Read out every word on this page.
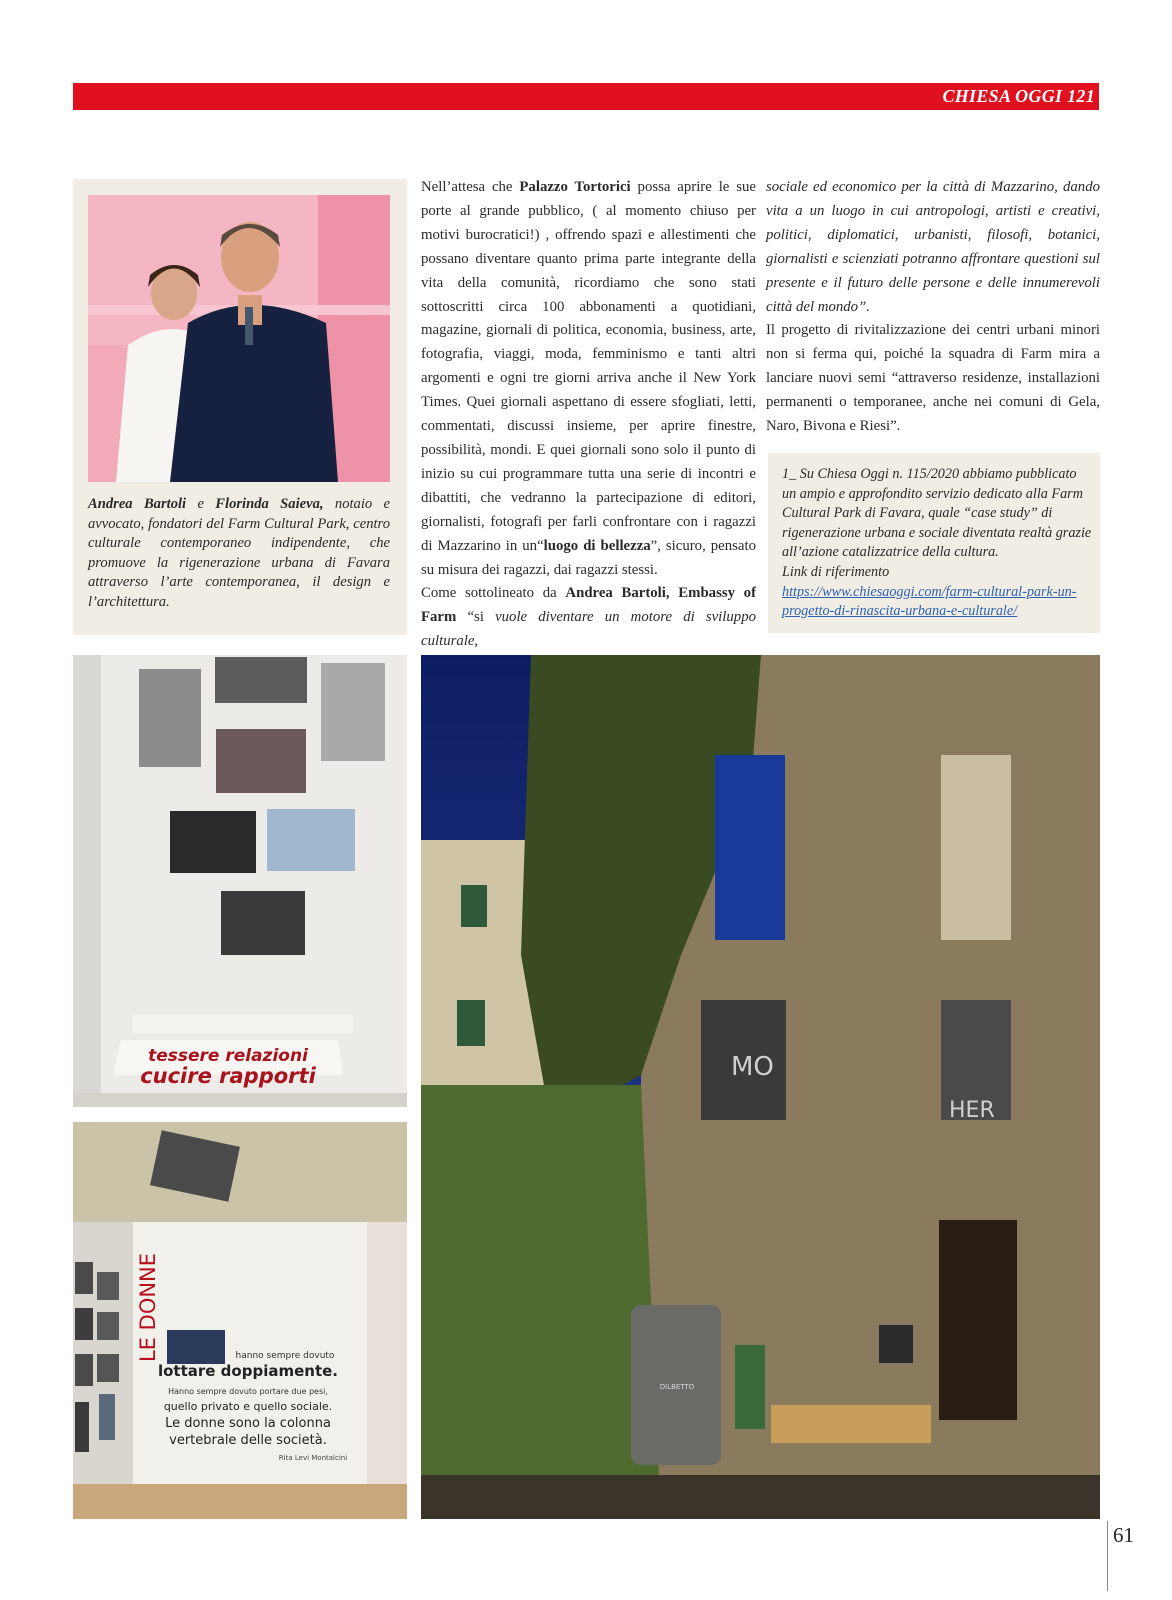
CHIESA OGGI 121
Andrea Bartoli e Florinda Saieva, notaio e avvocato, fondatori del Farm Cultural Park, centro culturale contemporaneo indipendente, che promuove la rigenerazione urbana di Favara attraverso l’arte contemporanea, il design e l’architettura.

Nell’attesa che Palazzo Tortorici possa aprire le sue porte al grande pubblico, ( al momento chiuso per motivi burocratici!) , offrendo spazi e allestimenti che possano diventare quanto prima parte integrante della vita della comunità, ricordiamo che sono stati sottoscritti circa 100 abbonamenti a quotidiani, magazine, giornali di politica, economia, business, arte, fotografia, viaggi, moda, femminismo e tanti altri argomenti e ogni tre giorni arriva anche il New York Times. Quei giornali aspettano di essere sfogliati, letti, commentati, discussi insieme, per aprire finestre, possibilità, mondi. E quei giornali sono solo il punto di inizio su cui programmare tutta una serie di incontri e dibattiti, che vedranno la partecipazione di editori, giornalisti, fotografi per farli confrontare con i ragazzi di Mazzarino in un“luogo di bellezza”, sicuro, pensato su misura dei ragazzi, dai ragazzi stessi.

Come sottolineato da Andrea Bartoli, Embassy of Farm “si vuole diventare un motore di sviluppo culturale,

sociale ed economico per la città di Mazzarino, dando vita a un luogo in cui antropologi, artisti e creativi, politici, diplomatici, urbanisti, filosofi, botanici, giornalisti e scienziati potranno affrontare questioni sul presente e il futuro delle persone e delle innumerevoli città del mondo”.

Il progetto di rivitalizzazione dei centri urbani minori non si ferma qui, poiché la squadra di Farm mira a lanciare nuovi semi “attraverso residenze, installazioni permanenti o temporanee, anche nei comuni di Gela, Naro, Bivona e Riesi”.

1_ Su Chiesa Oggi n. 115/2020 abbiamo pubblicato un ampio e approfondito servizio dedicato alla Farm Cultural Park di Favara, quale “case study” di rigenerazione urbana e sociale diventata realtà grazie all’azione catalizzatrice della cultura.
Link di riferimento
https://www.chiesaoggi.com/farm-cultural-park-un-progetto-di-rinascita-urbana-e-culturale/
tessere relazioni
cucire rapporti
LE DONNE	hanno sempre dovuto
lottare doppiamente.
Hanno sempre dovuto portare due pesi,
quello privato e quello sociale.
Le donne sono la colonna
vertebrale delle società.
Rita Levi Montalcini
MO
HER
DILBETTO
61
